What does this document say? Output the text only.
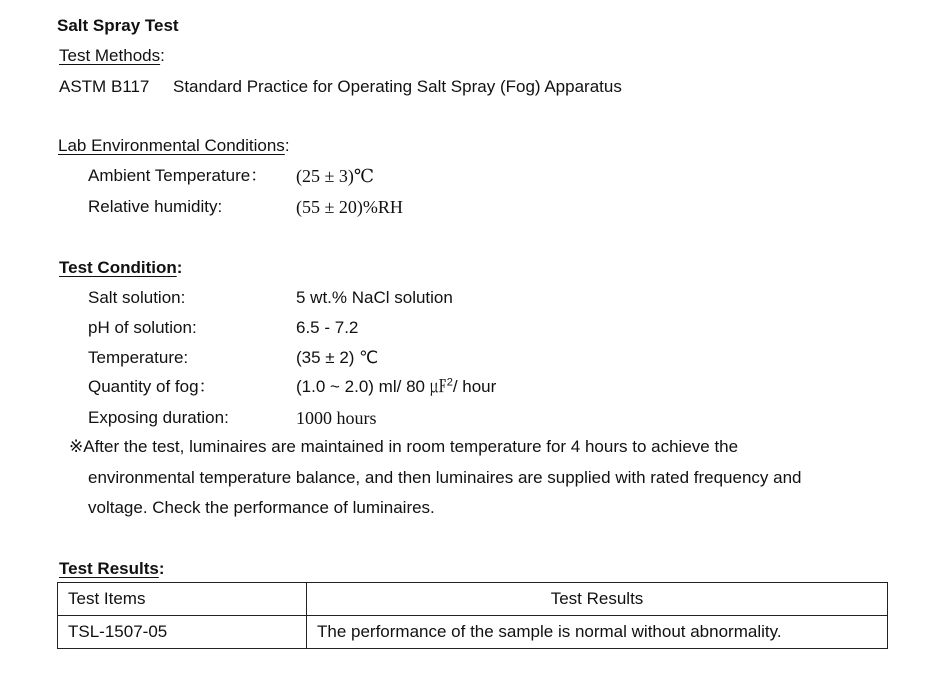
Salt Spray Test
Test Methods:
ASTM B117 Standard Practice for Operating Salt Spray (Fog) Apparatus
Lab Environmental Conditions:
Ambient Temperature： (25 ± 3)℃
Relative humidity:	(55 ± 20)%RH
Test Condition:
Salt solution:	5 wt.% NaCl solution
pH of solution:	6.5 - 7.2
Temperature:	(35 ± 2) ℃
Quantity of fog：	(1.0 ~ 2.0) ml/ 80 ㎌$^2$/ hour
Exposing duration:	1000 hours
※After the test, luminaires are maintained in room temperature for 4 hours to achieve the
environmental temperature balance, and then luminaires are supplied with rated frequency and
voltage. Check the performance of luminaires.
Test Results:
Test Items	Test Results
TSL-1507-05	The performance of the sample is normal without abnormality.
